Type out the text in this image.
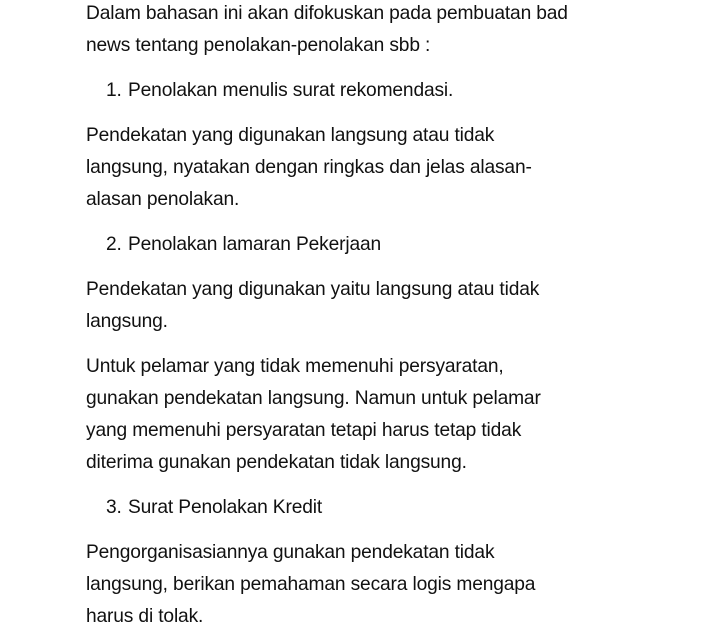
Dalam bahasan ini akan difokuskan pada pembuatan bad
news tentang penolakan-penolakan sbb :
1. Penolakan menulis surat rekomendasi.
Pendekatan yang digunakan langsung atau tidak
langsung, nyatakan dengan ringkas dan jelas alasan-
alasan penolakan.
2. Penolakan lamaran Pekerjaan
Pendekatan yang digunakan yaitu langsung atau tidak
langsung.
Untuk pelamar yang tidak memenuhi persyaratan,
gunakan pendekatan langsung. Namun untuk pelamar
yang memenuhi persyaratan tetapi harus tetap tidak
diterima gunakan pendekatan tidak langsung.
3. Surat Penolakan Kredit
Pengorganisasiannya gunakan pendekatan tidak
langsung, berikan pemahaman secara logis mengapa
harus di tolak.
